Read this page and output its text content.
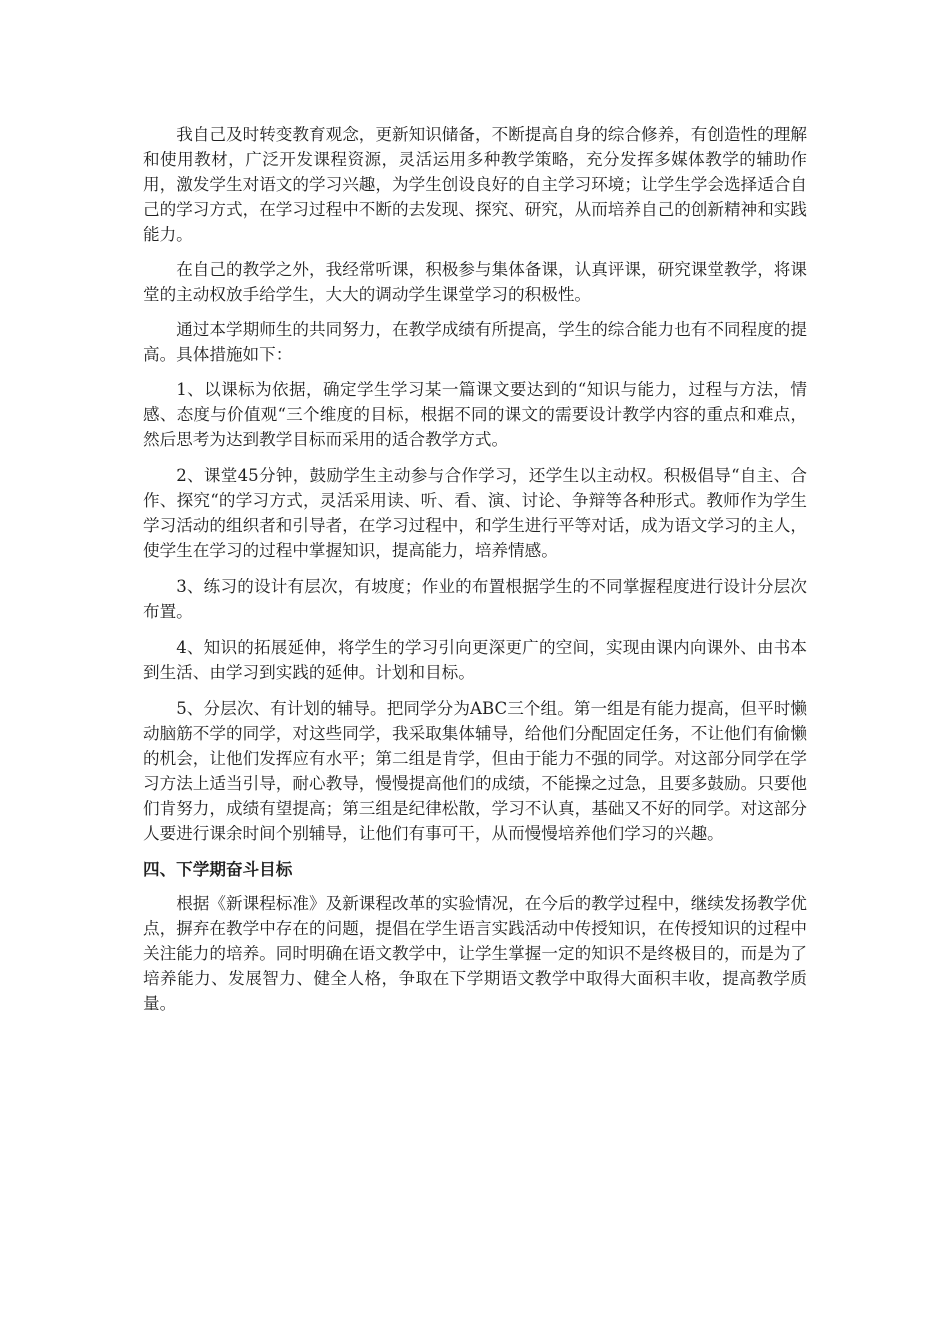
我自己及时转变教育观念，更新知识储备，不断提高自身的综合修养，有创造性的理解和使用教材，广泛开发课程资源，灵活运用多种教学策略，充分发挥多媒体教学的辅助作用，激发学生对语文的学习兴趣，为学生创设良好的自主学习环境；让学生学会选择适合自己的学习方式，在学习过程中不断的去发现、探究、研究，从而培养自己的创新精神和实践能力。

在自己的教学之外，我经常听课，积极参与集体备课，认真评课，研究课堂教学，将课堂的主动权放手给学生，大大的调动学生课堂学习的积极性。

通过本学期师生的共同努力，在教学成绩有所提高，学生的综合能力也有不同程度的提高。具体措施如下：

1、以课标为依据，确定学生学习某一篇课文要达到的“知识与能力，过程与方法，情感、态度与价值观“三个维度的目标，根据不同的课文的需要设计教学内容的重点和难点，然后思考为达到教学目标而采用的适合教学方式。

2、课堂45分钟，鼓励学生主动参与合作学习，还学生以主动权。积极倡导“自主、合作、探究“的学习方式，灵活采用读、听、看、演、讨论、争辩等各种形式。教师作为学生学习活动的组织者和引导者，在学习过程中，和学生进行平等对话，成为语文学习的主人，使学生在学习的过程中掌握知识，提高能力，培养情感。

3、练习的设计有层次，有坡度；作业的布置根据学生的不同掌握程度进行设计分层次布置。

4、知识的拓展延伸，将学生的学习引向更深更广的空间，实现由课内向课外、由书本到生活、由学习到实践的延伸。计划和目标。

5、分层次、有计划的辅导。把同学分为ABC三个组。第一组是有能力提高，但平时懒动脑筋不学的同学，对这些同学，我采取集体辅导，给他们分配固定任务，不让他们有偷懒的机会，让他们发挥应有水平；第二组是肯学，但由于能力不强的同学。对这部分同学在学习方法上适当引导，耐心教导，慢慢提高他们的成绩，不能操之过急，且要多鼓励。只要他们肯努力，成绩有望提高；第三组是纪律松散，学习不认真，基础又不好的同学。对这部分人要进行课余时间个别辅导，让他们有事可干，从而慢慢培养他们学习的兴趣。

四、下学期奋斗目标

根据《新课程标准》及新课程改革的实验情况，在今后的教学过程中，继续发扬教学优点，摒弃在教学中存在的问题，提倡在学生语言实践活动中传授知识，在传授知识的过程中关注能力的培养。同时明确在语文教学中，让学生掌握一定的知识不是终极目的，而是为了培养能力、发展智力、健全人格，争取在下学期语文教学中取得大面积丰收，提高教学质量。
